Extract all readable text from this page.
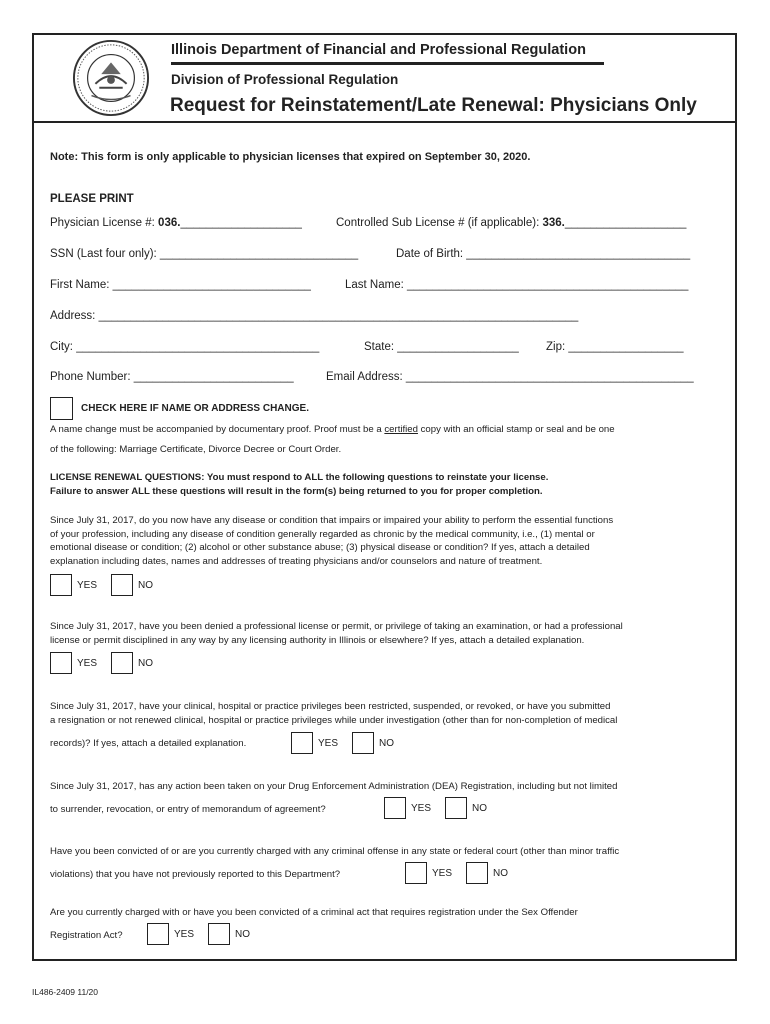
Illinois Department of Financial and Professional Regulation
Division of Professional Regulation
Request for Reinstatement/Late Renewal: Physicians Only
Note: This form is only applicable to physician licenses that expired on September 30, 2020.
PLEASE PRINT
Physician License #: 036.___________________	Controlled Sub License # (if applicable): 336.___________________
SSN (Last four only): _______________________________	Date of Birth: ___________________________________
First Name: _______________________________	Last Name: ____________________________________________
Address: ___________________________________________________________________________
City: ______________________________________	State: ___________________ Zip: __________________
Phone Number: _________________________	Email Address: _____________________________________________
CHECK HERE IF NAME OR ADDRESS CHANGE.
A name change must be accompanied by documentary proof. Proof must be a certified copy with an official stamp or seal and be one
of the following: Marriage Certificate, Divorce Decree or Court Order.
LICENSE RENEWAL QUESTIONS: You must respond to ALL the following questions to reinstate your license.
Failure to answer ALL these questions will result in the form(s) being returned to you for proper completion.
Since July 31, 2017, do you now have any disease or condition that impairs or impaired your ability to perform the essential functions
of your profession, including any disease of condition generally regarded as chronic by the medical community, i.e., (1) mental or
emotional disease or condition; (2) alcohol or other substance abuse; (3) physical disease or condition? If yes, attach a detailed
explanation including dates, names and addresses of treating physicians and/or counselors and nature of treatment.
YES	NO
Since July 31, 2017, have you been denied a professional license or permit, or privilege of taking an examination, or had a professional
license or permit disciplined in any way by any licensing authority in Illinois or elsewhere? If yes, attach a detailed explanation.
YES	NO
Since July 31, 2017, have your clinical, hospital or practice privileges been restricted, suspended, or revoked, or have you submitted
a resignation or not renewed clinical, hospital or practice privileges while under investigation (other than for non-completion of medical
records)? If yes, attach a detailed explanation.	YES	NO
Since July 31, 2017, has any action been taken on your Drug Enforcement Administration (DEA) Registration, including but not limited
to surrender, revocation, or entry of memorandum of agreement?	YES	NO
Have you been convicted of or are you currently charged with any criminal offense in any state or federal court (other than minor traffic
violations) that you have not previously reported to this Department?	YES	NO
Are you currently charged with or have you been convicted of a criminal act that requires registration under the Sex Offender
Registration Act?	YES	NO
IL486-2409 11/20
